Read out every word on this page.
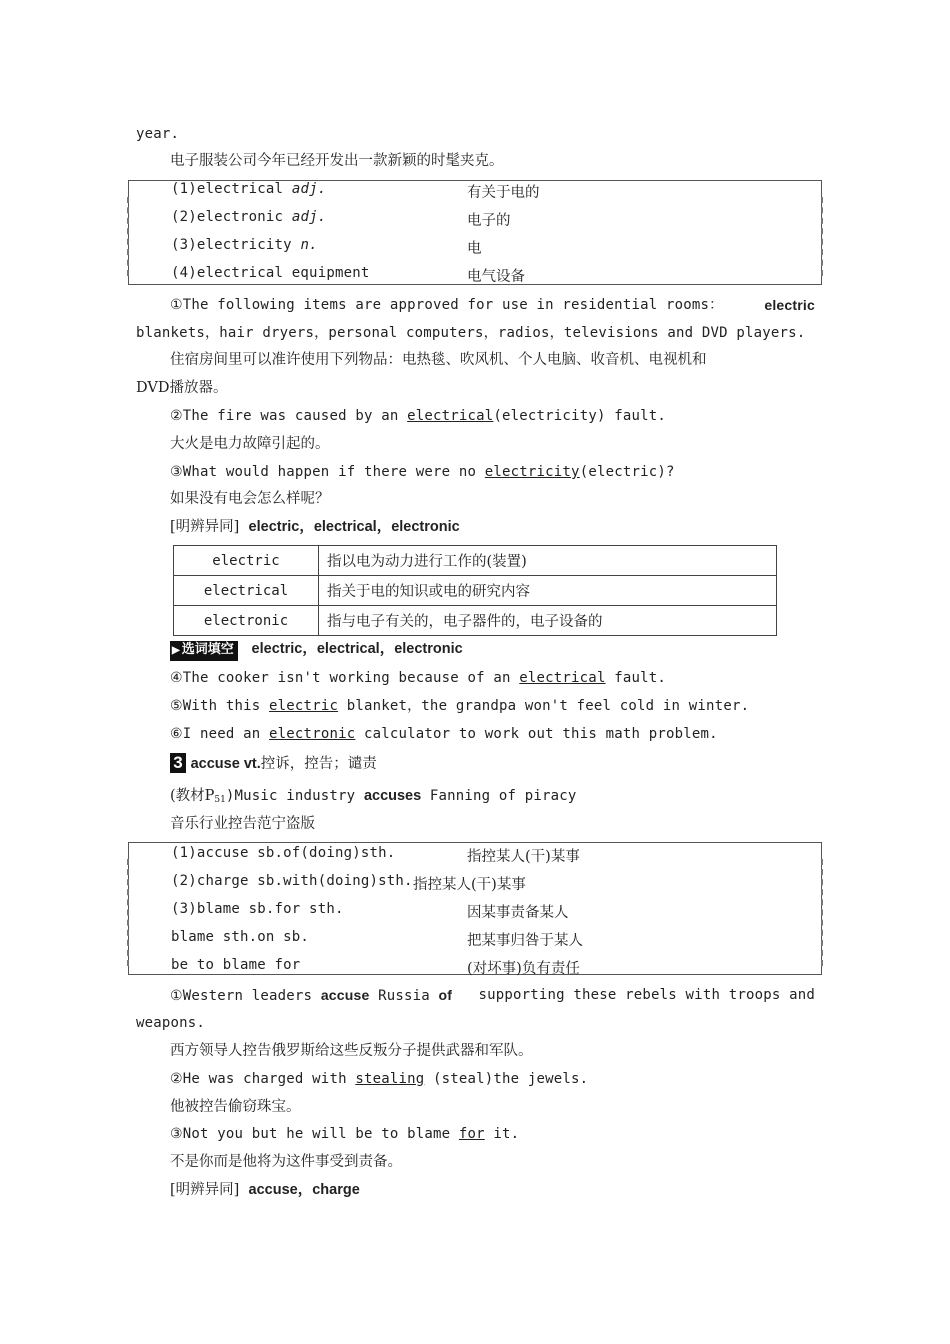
year.
电子服装公司今年已经开发出一款新颖的时髦夹克。
(1)electrical adj.	有关于电的
(2)electronic adj.	电子的
(3)electricity n.	电
(4)electrical equipment	电气设备
①The following items are approved for use in residential rooms：	electric
blankets，hair dryers，personal computers，radios，televisions and DVD players.
住宿房间里可以准许使用下列物品：电热毯、吹风机、个人电脑、收音机、电视机和
DVD播放器。
②The fire was caused by an electrical(electricity) fault.
大火是电力故障引起的。
③What would happen if there were no electricity(electric)?
如果没有电会怎么样呢？
[明辨异同] electric，electrical，electronic
electric	指以电为动力进行工作的(装置)
electrical	指关于电的知识或电的研究内容
electronic	指与电子有关的，电子器件的，电子设备的
▶ 选词填空 electric，electrical，electronic
④The cooker isn't working because of an electrical fault.
⑤With this electric blanket，the grandpa won't feel cold in winter.
⑥I need an electronic calculator to work out this math problem.
3 accuse vt.控诉，控告；谴责
(教材$P_{51})Music$ industry accuses Fanning of piracy
音乐行业控告范宁盗版
(1)accuse sb.of(doing)sth.	指控某人(干)某事
(2)charge sb.with(doing)sth. 指控某人(干)某事
(3)blame sb.for sth.	因某事责备某人
blame sth.on sb.	把某事归咎于某人
be to blame for	(对坏事)负有责任
①Western leaders accuse Russia of supporting these rebels with troops and
weapons.
西方领导人控告俄罗斯给这些反叛分子提供武器和军队。
②He was charged with stealing (steal)the jewels.
他被控告偷窃珠宝。
③Not you but he will be to blame for it.
不是你而是他将为这件事受到责备。
[明辨异同] accuse，charge
